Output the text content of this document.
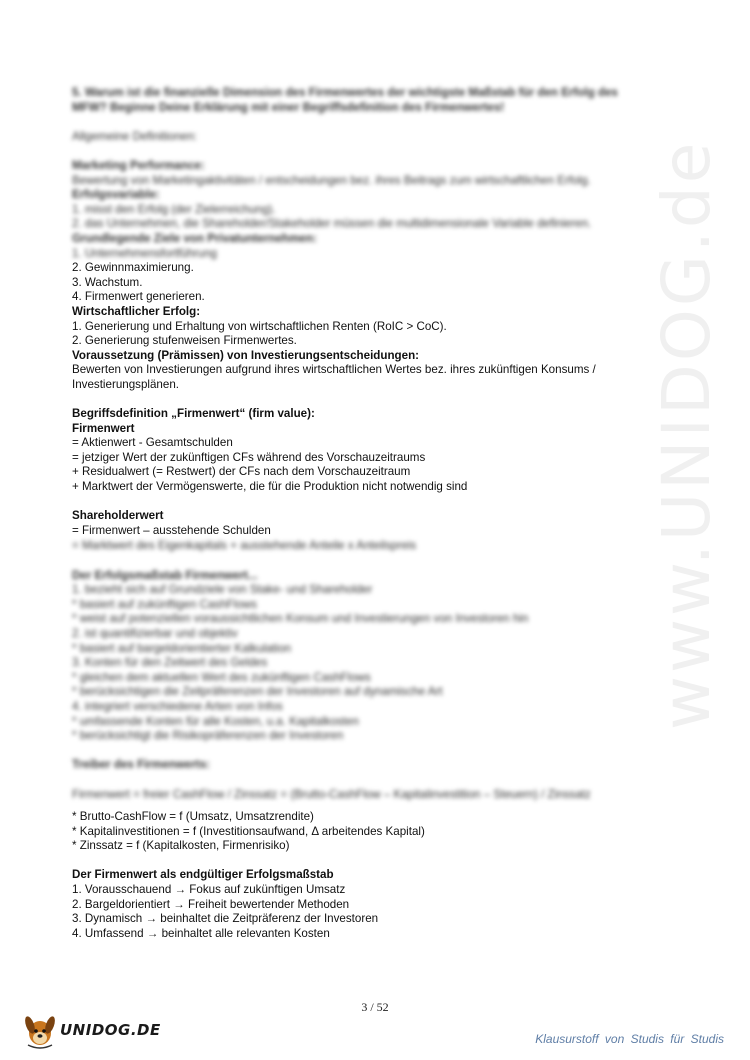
www.UNIDOG.de
5. Warum ist die finanzielle Dimension des Firmenwertes der wichtigste Maßstab für den Erfolg des
MFW? Beginne Deine Erklärung mit einer Begriffsdefinition des Firmenwertes!
Allgemeine Definitionen:
Marketing Performance:
Bewertung von Marketingaktivitäten / entscheidungen bez. ihres Beitrags zum wirtschaftlichen Erfolg.
Erfolgsvariable:
1. misst den Erfolg (der Zielerreichung).
2. das Unternehmen, die Shareholder/Stakeholder müssen die multidimensionale Variable definieren.
Grundlegende Ziele von Privatunternehmen:
1. Unternehmensfortführung
2. Gewinnmaximierung.
3. Wachstum.
4. Firmenwert generieren.
Wirtschaftlicher Erfolg:
1. Generierung und Erhaltung von wirtschaftlichen Renten (RoIC > CoC).
2. Generierung stufenweisen Firmenwertes.
Voraussetzung (Prämissen) von Investierungsentscheidungen:
Bewerten von Investierungen aufgrund ihres wirtschaftlichen Wertes bez. ihres zukünftigen Konsums /
Investierungsplänen.
Begriffsdefinition „Firmenwert“ (firm value):
Firmenwert
= Aktienwert - Gesamtschulden
= jetziger Wert der zukünftigen CFs während des Vorschauzeitraums
+ Residualwert (= Restwert) der CFs nach dem Vorschauzeitraum
+ Marktwert der Vermögenswerte, die für die Produktion nicht notwendig sind
Shareholderwert
= Firmenwert – ausstehende Schulden
= Marktwert des Eigenkapitals + ausstehende Anteile x Anteilspreis
Der Erfolgsmaßstab Firmenwert...
1. bezieht sich auf Grundziele von Stake- und Shareholder
* basiert auf zukünftigen CashFlows
* weist auf potenziellen voraussichtlichen Konsum und Investierungen von Investoren hin
2. ist quantifizierbar und objektiv
* basiert auf bargeldorientierter Kalkulation
3. Konten für den Zeitwert des Geldes
* gleichen dem aktuellen Wert des zukünftigen CashFlows
* berücksichtigen die Zeitpräferenzen der Investoren auf dynamische Art
4. integriert verschiedene Arten von Infos
* umfassende Konten für alle Kosten, u.a. Kapitalkosten
* berücksichtigt die Risikopräferenzen der Investoren
Treiber des Firmenwerts:
Firmenwert = freier CashFlow / Zinssatz = (Brutto-CashFlow – Kapitalinvestition – Steuern) / Zinssatz
* Brutto-CashFlow = f (Umsatz, Umsatzrendite)
* Kapitalinvestitionen = f (Investitionsaufwand, Δ arbeitendes Kapital)
* Zinssatz = f (Kapitalkosten, Firmenrisiko)
Der Firmenwert als endgültiger Erfolgsmaßstab
1. Vorausschauend → Fokus auf zukünftigen Umsatz
2. Bargeldorientiert → Freiheit bewertender Methoden
3. Dynamisch → beinhaltet die Zeitpräferenz der Investoren
4. Umfassend → beinhaltet alle relevanten Kosten
3 / 52
UNIDOG.DE	Klausurstoff von Studis für Studis
